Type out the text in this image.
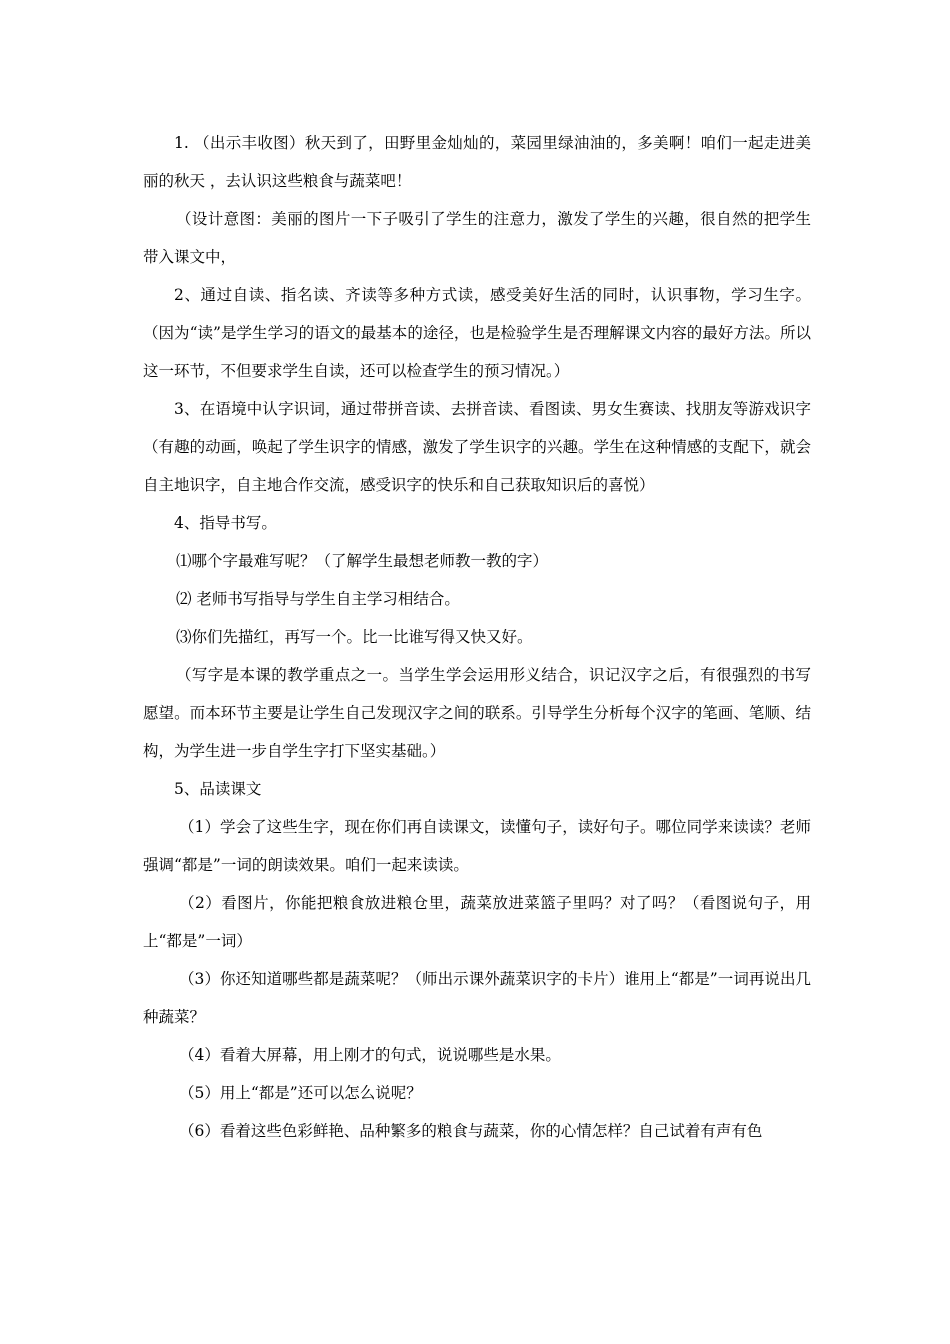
1. （出示丰收图）秋天到了，田野里金灿灿的，菜园里绿油油的，多美啊！咱们一起走进美丽的秋天 ，去认识这些粮食与蔬菜吧！

（设计意图：美丽的图片一下子吸引了学生的注意力，激发了学生的兴趣，很自然的把学生带入课文中，

2、通过自读、指名读、齐读等多种方式读，感受美好生活的同时，认识事物，学习生字。（因为“读”是学生学习的语文的最基本的途径，也是检验学生是否理解课文内容的最好方法。所以这一环节，不但要求学生自读，还可以检查学生的预习情况。）

3、在语境中认字识词，通过带拼音读、去拼音读、看图读、男女生赛读、找朋友等游戏识字（有趣的动画，唤起了学生识字的情感，激发了学生识字的兴趣。学生在这种情感的支配下，就会自主地识字，自主地合作交流，感受识字的快乐和自己获取知识后的喜悦）

4、指导书写。

⑴哪个字最难写呢？（了解学生最想老师教一教的字）

⑵ 老师书写指导与学生自主学习相结合。

⑶你们先描红，再写一个。比一比谁写得又快又好。

（写字是本课的教学重点之一。当学生学会运用形义结合，识记汉字之后，有很强烈的书写愿望。而本环节主要是让学生自己发现汉字之间的联系。引导学生分析每个汉字的笔画、笔顺、结构，为学生进一步自学生字打下坚实基础。）

5、品读课文

（1）学会了这些生字，现在你们再自读课文，读懂句子，读好句子。哪位同学来读读？老师强调“都是”一词的朗读效果。咱们一起来读读。

（2）看图片，你能把粮食放进粮仓里，蔬菜放进菜篮子里吗？对了吗？（看图说句子，用上“都是”一词）

（3）你还知道哪些都是蔬菜呢？（师出示课外蔬菜识字的卡片）谁用上“都是”一词再说出几种蔬菜？

（4）看着大屏幕，用上刚才的句式，说说哪些是水果。

（5）用上“都是”还可以怎么说呢？

（6）看着这些色彩鲜艳、品种繁多的粮食与蔬菜，你的心情怎样？自己试着有声有色
